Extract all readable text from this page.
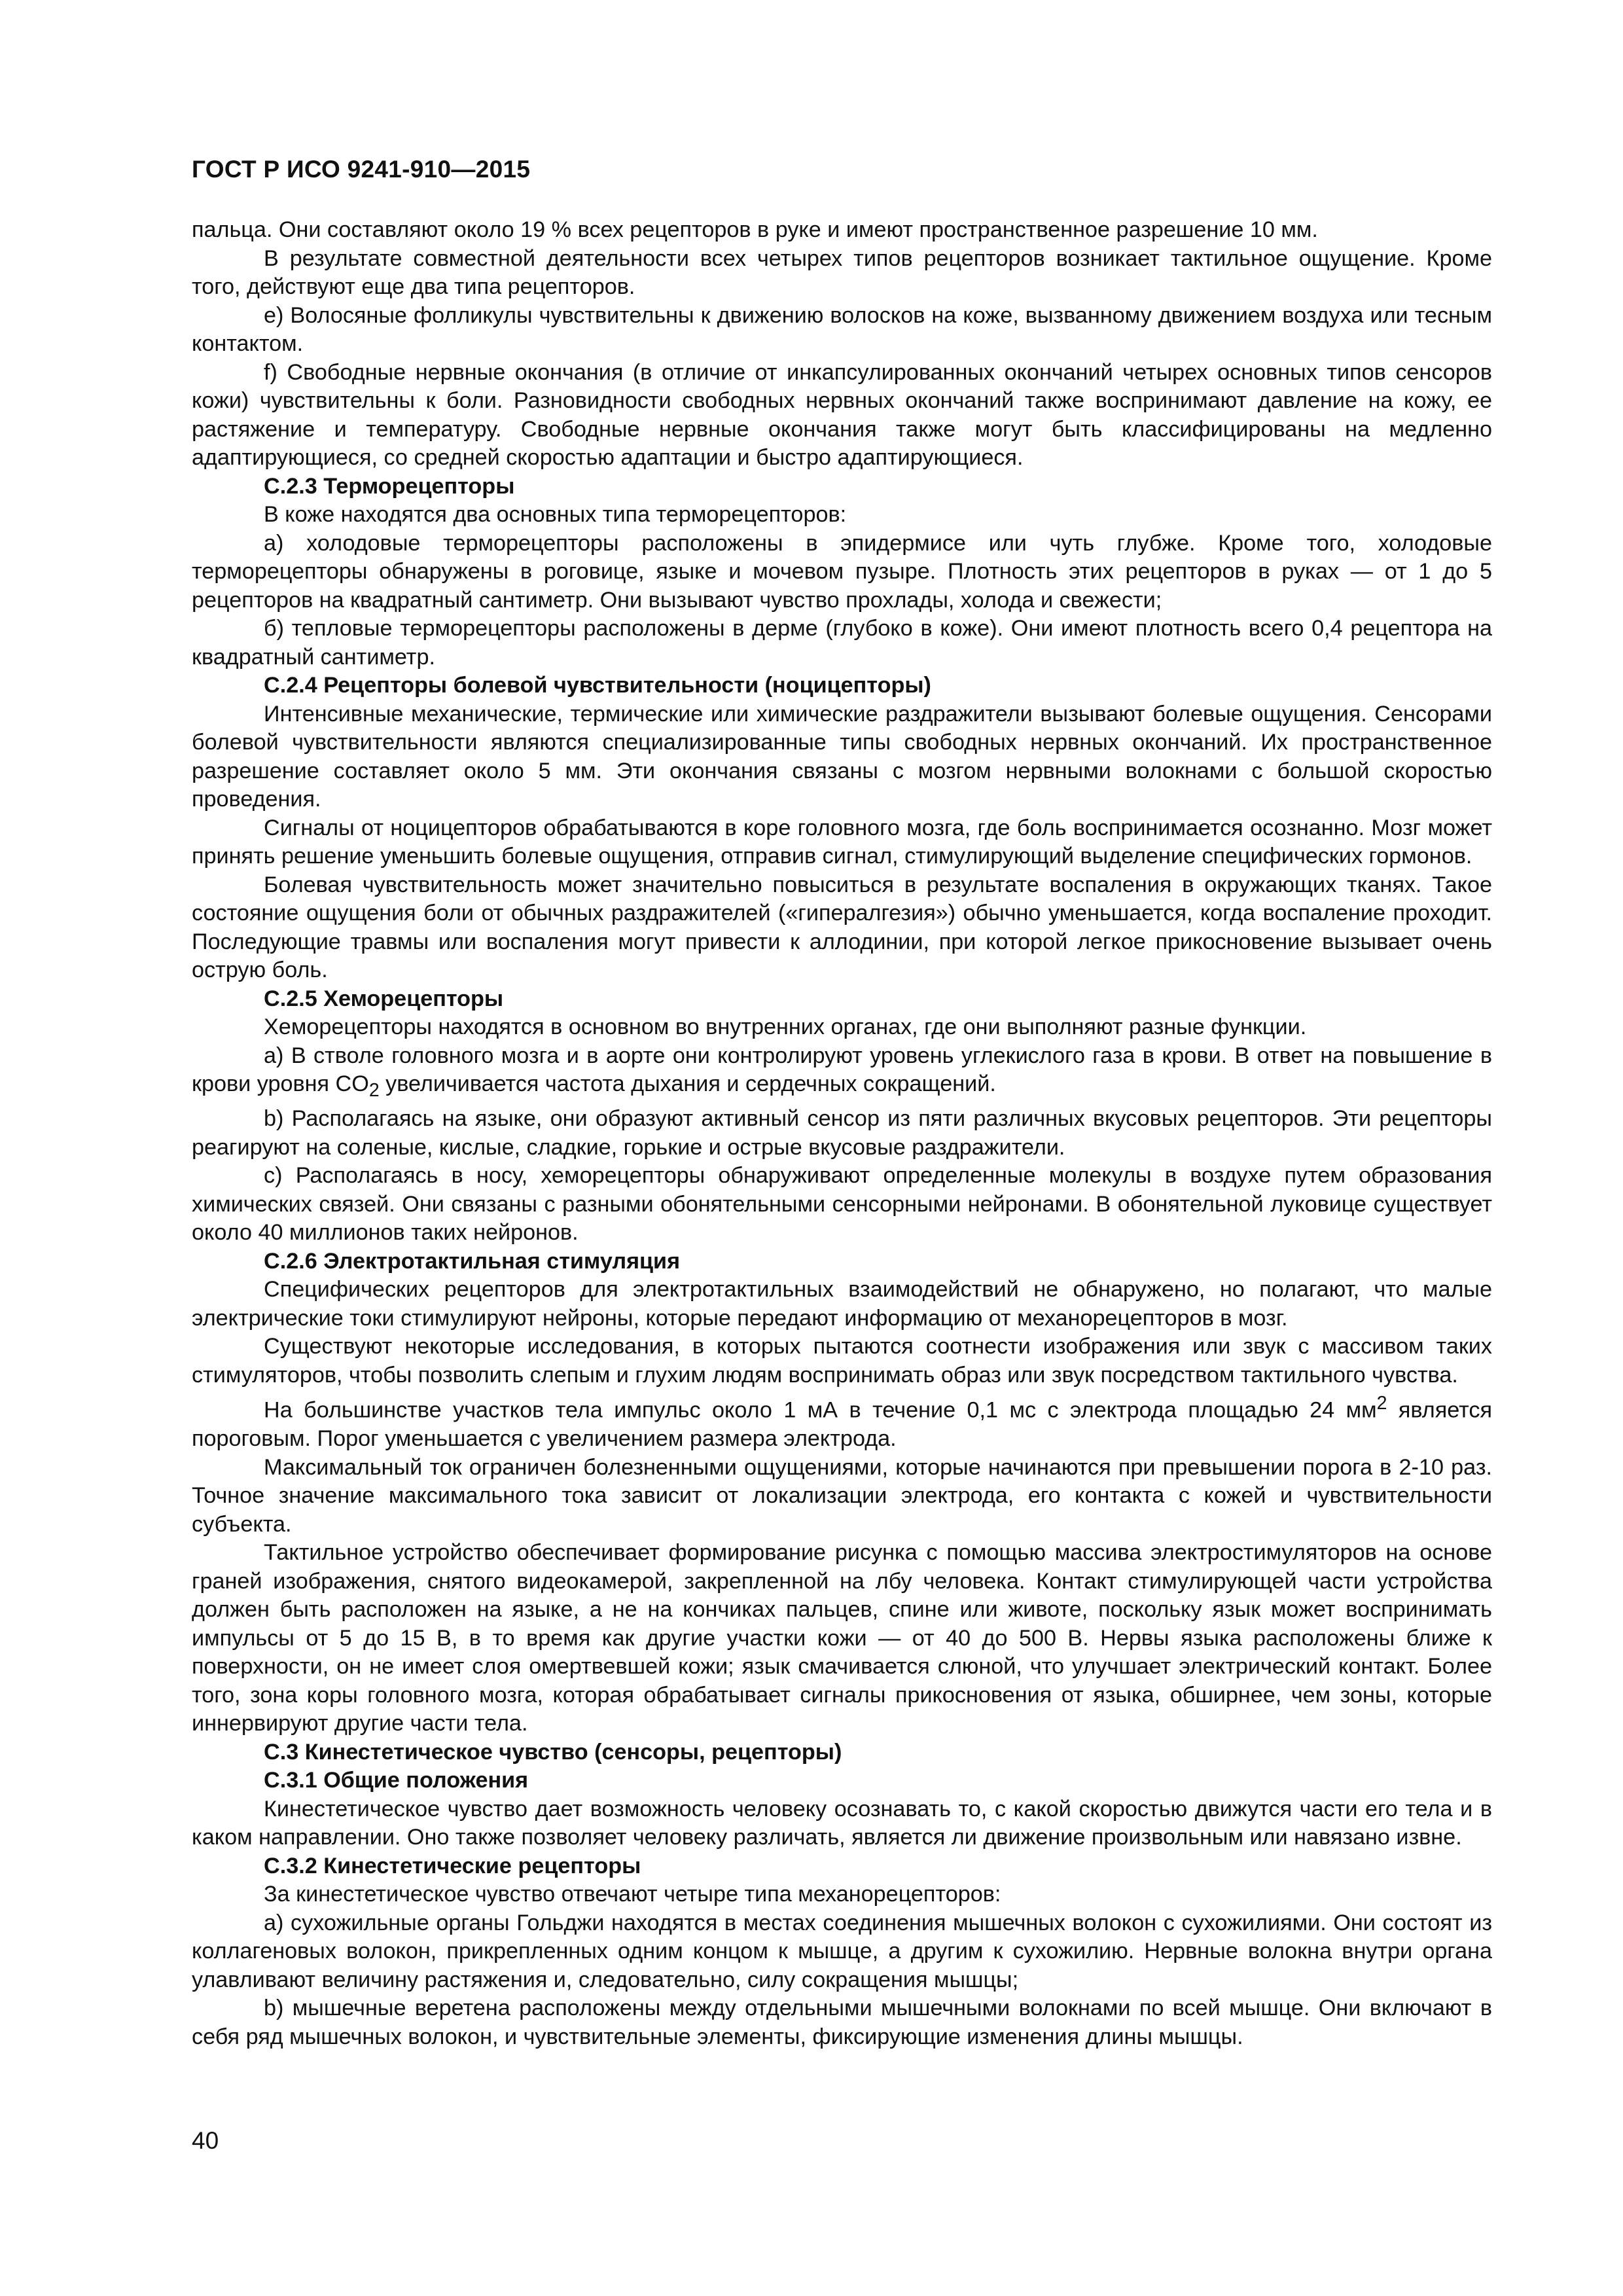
ГОСТ Р ИСО 9241-910—2015

пальца. Они составляют около 19 % всех рецепторов в руке и имеют пространственное разрешение 10 мм.

В результате совместной деятельности всех четырех типов рецепторов возникает тактильное ощущение. Кроме того, действуют еще два типа рецепторов.

e) Волосяные фолликулы чувствительны к движению волосков на коже, вызванному движением воздуха или тесным контактом.

f) Свободные нервные окончания (в отличие от инкапсулированных окончаний четырех основных типов сенсоров кожи) чувствительны к боли. Разновидности свободных нервных окончаний также воспринимают давление на кожу, ее растяжение и температуру. Свободные нервные окончания также могут быть классифицированы на медленно адаптирующиеся, со средней скоростью адаптации и быстро адаптирующиеся.

С.2.3 Терморецепторы

В коже находятся два основных типа терморецепторов:

а) холодовые терморецепторы расположены в эпидермисе или чуть глубже. Кроме того, холодовые терморецепторы обнаружены в роговице, языке и мочевом пузыре. Плотность этих рецепторов в руках — от 1 до 5 рецепторов на квадратный сантиметр. Они вызывают чувство прохлады, холода и свежести;

б) тепловые терморецепторы расположены в дерме (глубоко в коже). Они имеют плотность всего 0,4 рецептора на квадратный сантиметр.

С.2.4 Рецепторы болевой чувствительности (ноцицепторы)

Интенсивные механические, термические или химические раздражители вызывают болевые ощущения. Сенсорами болевой чувствительности являются специализированные типы свободных нервных окончаний. Их пространственное разрешение составляет около 5 мм. Эти окончания связаны с мозгом нервными волокнами с большой скоростью проведения.

Сигналы от ноцицепторов обрабатываются в коре головного мозга, где боль воспринимается осознанно. Мозг может принять решение уменьшить болевые ощущения, отправив сигнал, стимулирующий выделение специфических гормонов.

Болевая чувствительность может значительно повыситься в результате воспаления в окружающих тканях. Такое состояние ощущения боли от обычных раздражителей («гипералгезия») обычно уменьшается, когда воспаление проходит. Последующие травмы или воспаления могут привести к аллодинии, при которой легкое прикосновение вызывает очень острую боль.

С.2.5 Хеморецепторы

Хеморецепторы находятся в основном во внутренних органах, где они выполняют разные функции.

а) В стволе головного мозга и в аорте они контролируют уровень углекислого газа в крови. В ответ на повышение в крови уровня $CO_2$ увеличивается частота дыхания и сердечных сокращений.

b) Располагаясь на языке, они образуют активный сенсор из пяти различных вкусовых рецепторов. Эти рецепторы реагируют на соленые, кислые, сладкие, горькие и острые вкусовые раздражители.

c) Располагаясь в носу, хеморецепторы обнаруживают определенные молекулы в воздухе путем образования химических связей. Они связаны с разными обонятельными сенсорными нейронами. В обонятельной луковице существует около 40 миллионов таких нейронов.

С.2.6 Электротактильная стимуляция

Специфических рецепторов для электротактильных взаимодействий не обнаружено, но полагают, что малые электрические токи стимулируют нейроны, которые передают информацию от механорецепторов в мозг.

Существуют некоторые исследования, в которых пытаются соотнести изображения или звук с массивом таких стимуляторов, чтобы позволить слепым и глухим людям воспринимать образ или звук посредством тактильного чувства.

На большинстве участков тела импульс около 1 мА в течение 0,1 мс с электрода площадью 24 $мм^2$ является пороговым. Порог уменьшается с увеличением размера электрода.

Максимальный ток ограничен болезненными ощущениями, которые начинаются при превышении порога в 2-10 раз. Точное значение максимального тока зависит от локализации электрода, его контакта с кожей и чувствительности субъекта.

Тактильное устройство обеспечивает формирование рисунка с помощью массива электростимуляторов на основе граней изображения, снятого видеокамерой, закрепленной на лбу человека. Контакт стимулирующей части устройства должен быть расположен на языке, а не на кончиках пальцев, спине или животе, поскольку язык может воспринимать импульсы от 5 до 15 В, в то время как другие участки кожи — от 40 до 500 В. Нервы языка расположены ближе к поверхности, он не имеет слоя омертвевшей кожи; язык смачивается слюной, что улучшает электрический контакт. Более того, зона коры головного мозга, которая обрабатывает сигналы прикосновения от языка, обширнее, чем зоны, которые иннервируют другие части тела.

С.3 Кинестетическое чувство (сенсоры, рецепторы)
С.3.1 Общие положения

Кинестетическое чувство дает возможность человеку осознавать то, с какой скоростью движутся части его тела и в каком направлении. Оно также позволяет человеку различать, является ли движение произвольным или навязано извне.

С.3.2 Кинестетические рецепторы

За кинестетическое чувство отвечают четыре типа механорецепторов:

а) сухожильные органы Гольджи находятся в местах соединения мышечных волокон с сухожилиями. Они состоят из коллагеновых волокон, прикрепленных одним концом к мышце, а другим к сухожилию. Нервные волокна внутри органа улавливают величину растяжения и, следовательно, силу сокращения мышцы;

b) мышечные веретена расположены между отдельными мышечными волокнами по всей мышце. Они включают в себя ряд мышечных волокон, и чувствительные элементы, фиксирующие изменения длины мышцы.

40
